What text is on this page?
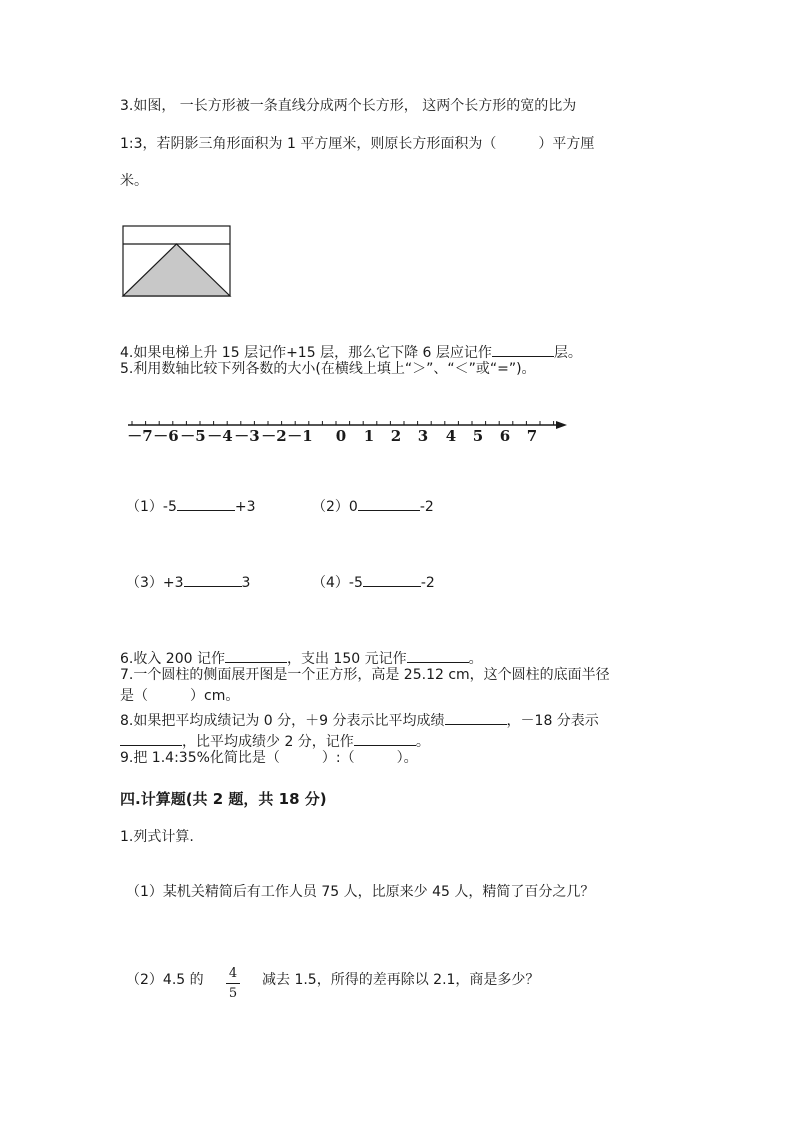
3.如图， 一长方形被一条直线分成两个长方形， 这两个长方形的宽的比为
1:3，若阴影三角形面积为 1 平方厘米，则原长方形面积为（　　　）平方厘
米。
4.如果电梯上升 15 层记作+15 层，那么它下降 6 层应记作	层。
5.利用数轴比较下列各数的大小(在横线上填上“＞”、“＜”或“=”)。
－7 －6 －5 －4 －3 －2 －1 0 1 2 3 4 5 6 7
（1）-5	+3	（2）0	-2
（3）+3	3	（4）-5	-2
6.收入 200 记作	，支出 150 元记作	。
7.一个圆柱的侧面展开图是一个正方形，高是 25.12 cm，这个圆柱的底面半径
是（　　　）cm。
8.如果把平均成绩记为 0 分，＋9 分表示比平均成绩	，－18 分表示
，比平均成绩少 2 分，记作	。
9.把 1.4:35%化简比是（　　　）:（　　　）。
四.计算题(共 2 题，共 18 分)
1.列式计算.
（1）某机关精简后有工作人员 75 人，比原来少 45 人，精简了百分之几？
（2）4.5 的 4
5
减去 1.5，所得的差再除以 2.1，商是多少？
